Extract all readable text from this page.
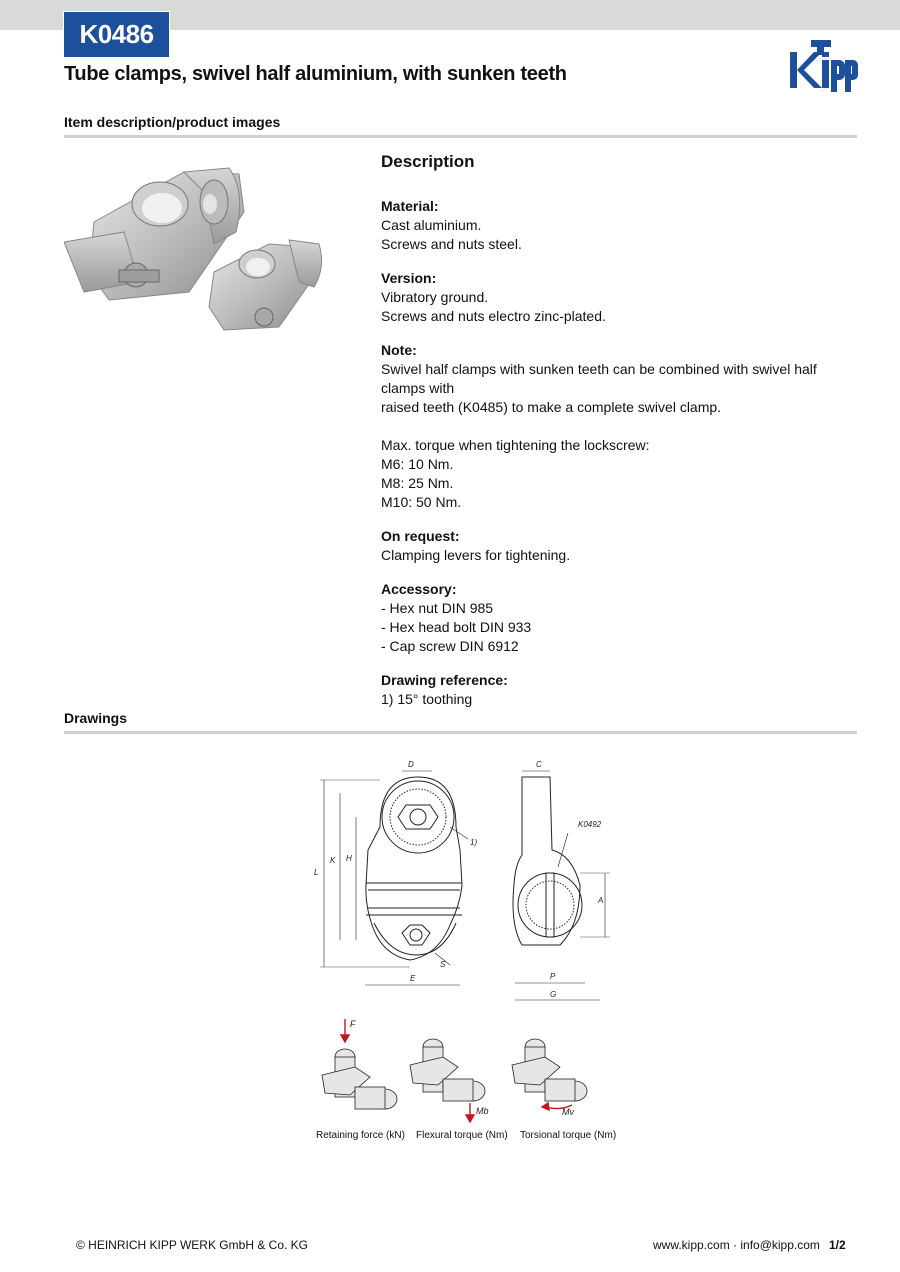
K0486
Tube clamps, swivel half aluminium, with sunken teeth
Kipp
Item description/product images
Description
Material:
Cast aluminium.
Screws and nuts steel.
Version:
Vibratory ground.
Screws and nuts electro zinc-plated.
Note:
Swivel half clamps with sunken teeth can be combined with swivel half clamps with
raised teeth (K0485) to make a complete swivel clamp.

Max. torque when tightening the lockscrew:
M6: 10 Nm.
M8: 25 Nm.
M10: 50 Nm.
On request:
Clamping levers for tightening.
Accessory:
- Hex nut DIN 985
- Hex head bolt DIN 933
- Cap screw DIN 6912
Drawing reference:
1) 15° toothing
Drawings
D	C
L
K H
E
S
A
P
G
1)
K0492
F
Mb	Mv
Retaining force (kN) Flexural torque (Nm) Torsional torque (Nm)
© HEINRICH KIPP WERK GmbH & Co. KG	www.kipp.com · info@kipp.com 1/2
